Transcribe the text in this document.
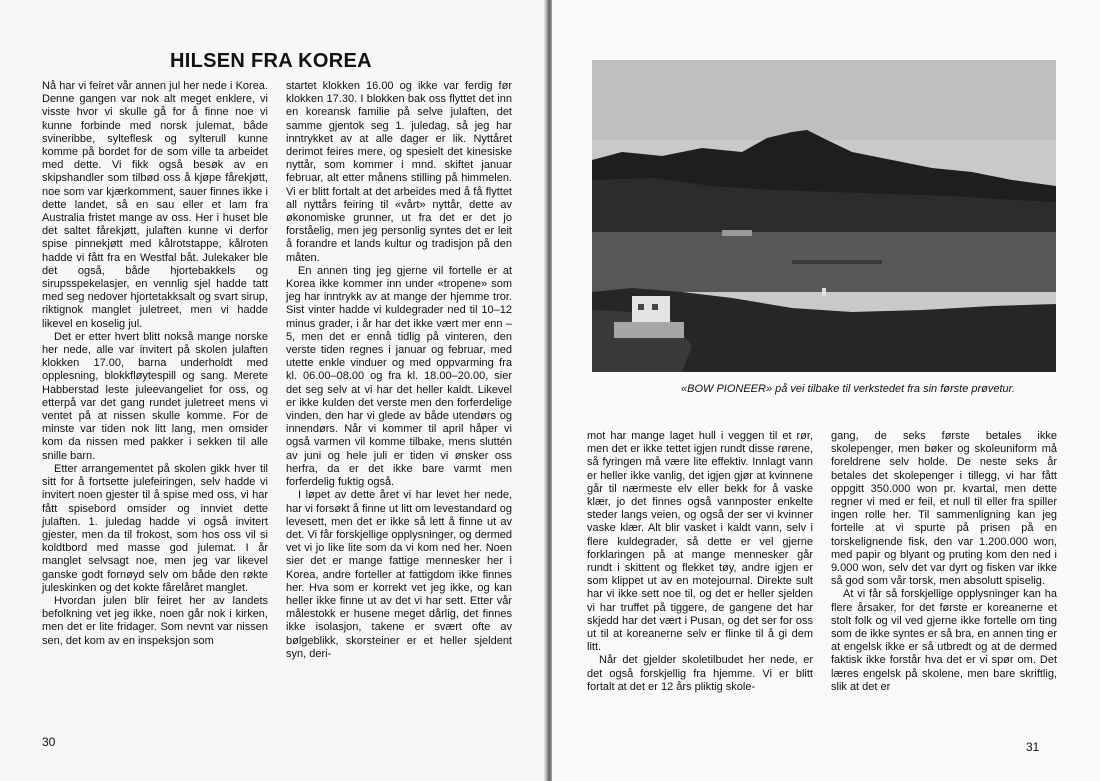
HILSEN FRA KOREA

Nå har vi feiret vår annen jul her nede i Korea. Denne gangen var nok alt meget enklere, vi visste hvor vi skulle gå for å finne noe vi kunne forbinde med norsk julemat, både svineribbe, sylteflesk og sylterull kunne komme på bordet for de som ville ta arbeidet med dette. Vi fikk også besøk av en skipshandler som tilbød oss å kjøpe fårekjøtt, noe som var kjærkomment, sauer finnes ikke i dette landet, så en sau eller et lam fra Australia fristet mange av oss. Her i huset ble det saltet fårekjøtt, julaften kunne vi derfor spise pinnekjøtt med kålrotstappe, kålroten hadde vi fått fra en Westfal båt. Julekaker ble det også, både hjortebakkels og sirupsspekelasjer, en vennlig sjel hadde tatt med seg nedover hjortetakksalt og svart sirup, riktignok manglet juletreet, men vi hadde likevel en koselig jul.

Det er etter hvert blitt nokså mange norske her nede, alle var invitert på skolen julaften klokken 17.00, barna underholdt med opplesning, blokkfløytespill og sang. Merete Habberstad leste juleevangeliet for oss, og etterpå var det gang rundet juletreet mens vi ventet på at nissen skulle komme. For de minste var tiden nok litt lang, men omsider kom da nissen med pakker i sekken til alle snille barn.

Etter arrangementet på skolen gikk hver til sitt for å fortsette julefeiringen, selv hadde vi invitert noen gjester til å spise med oss, vi har fått spisebord omsider og innviet dette julaften. 1. juledag hadde vi også invitert gjester, men da til frokost, som hos oss vil si koldtbord med masse god julemat. I år manglet selvsagt noe, men jeg var likevel ganske godt fornøyd selv om både den røkte juleskinken og det kokte fårelåret manglet.

Hvordan julen blir feiret her av landets befolkning vet jeg ikke, noen går nok i kirken, men det er lite fridager. Som nevnt var nissen sen, det kom av en inspeksjon som

startet klokken 16.00 og ikke var ferdig før klokken 17.30. I blokken bak oss flyttet det inn en koreansk familie på selve julaften, det samme gjentok seg 1. juledag, så jeg har inntrykket av at alle dager er lik. Nyttåret derimot feires mere, og spesielt det kinesiske nyttår, som kommer i mnd. skiftet januar februar, alt etter månens stilling på himmelen. Vi er blitt fortalt at det arbeides med å få flyttet all nyttårs feiring til «vårt» nyttår, dette av økonomiske grunner, ut fra det er det jo forståelig, men jeg personlig syntes det er leit å forandre et lands kultur og tradisjon på den måten.

En annen ting jeg gjerne vil fortelle er at Korea ikke kommer inn under «tropene» som jeg har inntrykk av at mange der hjemme tror. Sist vinter hadde vi kuldegrader ned til 10–12 minus grader, i år har det ikke vært mer enn – 5, men det er ennå tidlig på vinteren, den verste tiden regnes i januar og februar, med utette enkle vinduer og med oppvarming fra kl. 06.00–08.00 og fra kl. 18.00–20.00, sier det seg selv at vi har det heller kaldt. Likevel er ikke kulden det verste men den forferdelige vinden, den har vi glede av både utendørs og innendørs. Når vi kommer til april håper vi også varmen vil komme tilbake, mens sluttén av juni og hele juli er tiden vi ønsker oss herfra, da er det ikke bare varmt men forferdelig fuktig også.

I løpet av dette året vi har levet her nede, har vi forsøkt å finne ut litt om levestandard og levesett, men det er ikke så lett å finne ut av det. Vi får forskjellige opplysninger, og dermed vet vi jo like lite som da vi kom ned her. Noen sier det er mange fattige mennesker her i Korea, andre forteller at fattigdom ikke finnes her. Hva som er korrekt vet jeg ikke, og kan heller ikke finne ut av det vi har sett. Etter vår målestokk er husene meget dårlig, det finnes ikke isolasjon, takene er svært ofte av bølgeblikk, skorsteiner er et heller sjeldent syn, deri-

30
«BOW PIONEER» på vei tilbake til verkstedet fra sin første prøvetur.

mot har mange laget hull i veggen til et rør, men det er ikke tettet igjen rundt disse rørene, så fyringen må være lite effektiv. Innlagt vann er heller ikke vanlig, det igjen gjør at kvinnene går til nærmeste elv eller bekk for å vaske klær, jo det finnes også vannposter enkelte steder langs veien, og også der ser vi kvinner vaske klær. Alt blir vasket i kaldt vann, selv i flere kuldegrader, så dette er vel gjerne forklaringen på at mange mennesker går rundt i skittent og flekket tøy, andre igjen er som klippet ut av en motejournal. Direkte sult har vi ikke sett noe til, og det er heller sjelden vi har truffet på tiggere, de gangene det har skjedd har det vært i Pusan, og det ser for oss ut til at koreanerne selv er flinke til å gi dem litt.

Når det gjelder skoletilbudet her nede, er det også forskjellig fra hjemme. Vi er blitt fortalt at det er 12 års pliktig skole-

gang, de seks første betales ikke skolepenger, men bøker og skoleuniform må foreldrene selv holde. De neste seks år betales det skolepenger i tillegg, vi har fått oppgitt 350.000 won pr. kvartal, men dette regner vi med er feil, et null til eller fra spiller ingen rolle her. Til sammenligning kan jeg fortelle at vi spurte på prisen på en torskelignende fisk, den var 1.200.000 won, med papir og blyant og pruting kom den ned i 9.000 won, selv det var dyrt og fisken var ikke så god som vår torsk, men absolutt spiselig.

At vi får så forskjellige opplysninger kan ha flere årsaker, for det første er koreanerne et stolt folk og vil ved gjerne ikke fortelle om ting som de ikke syntes er så bra, en annen ting er at engelsk ikke er så utbredt og at de dermed faktisk ikke forstår hva det er vi spør om. Det læres engelsk på skolene, men bare skriftlig, slik at det er

31
